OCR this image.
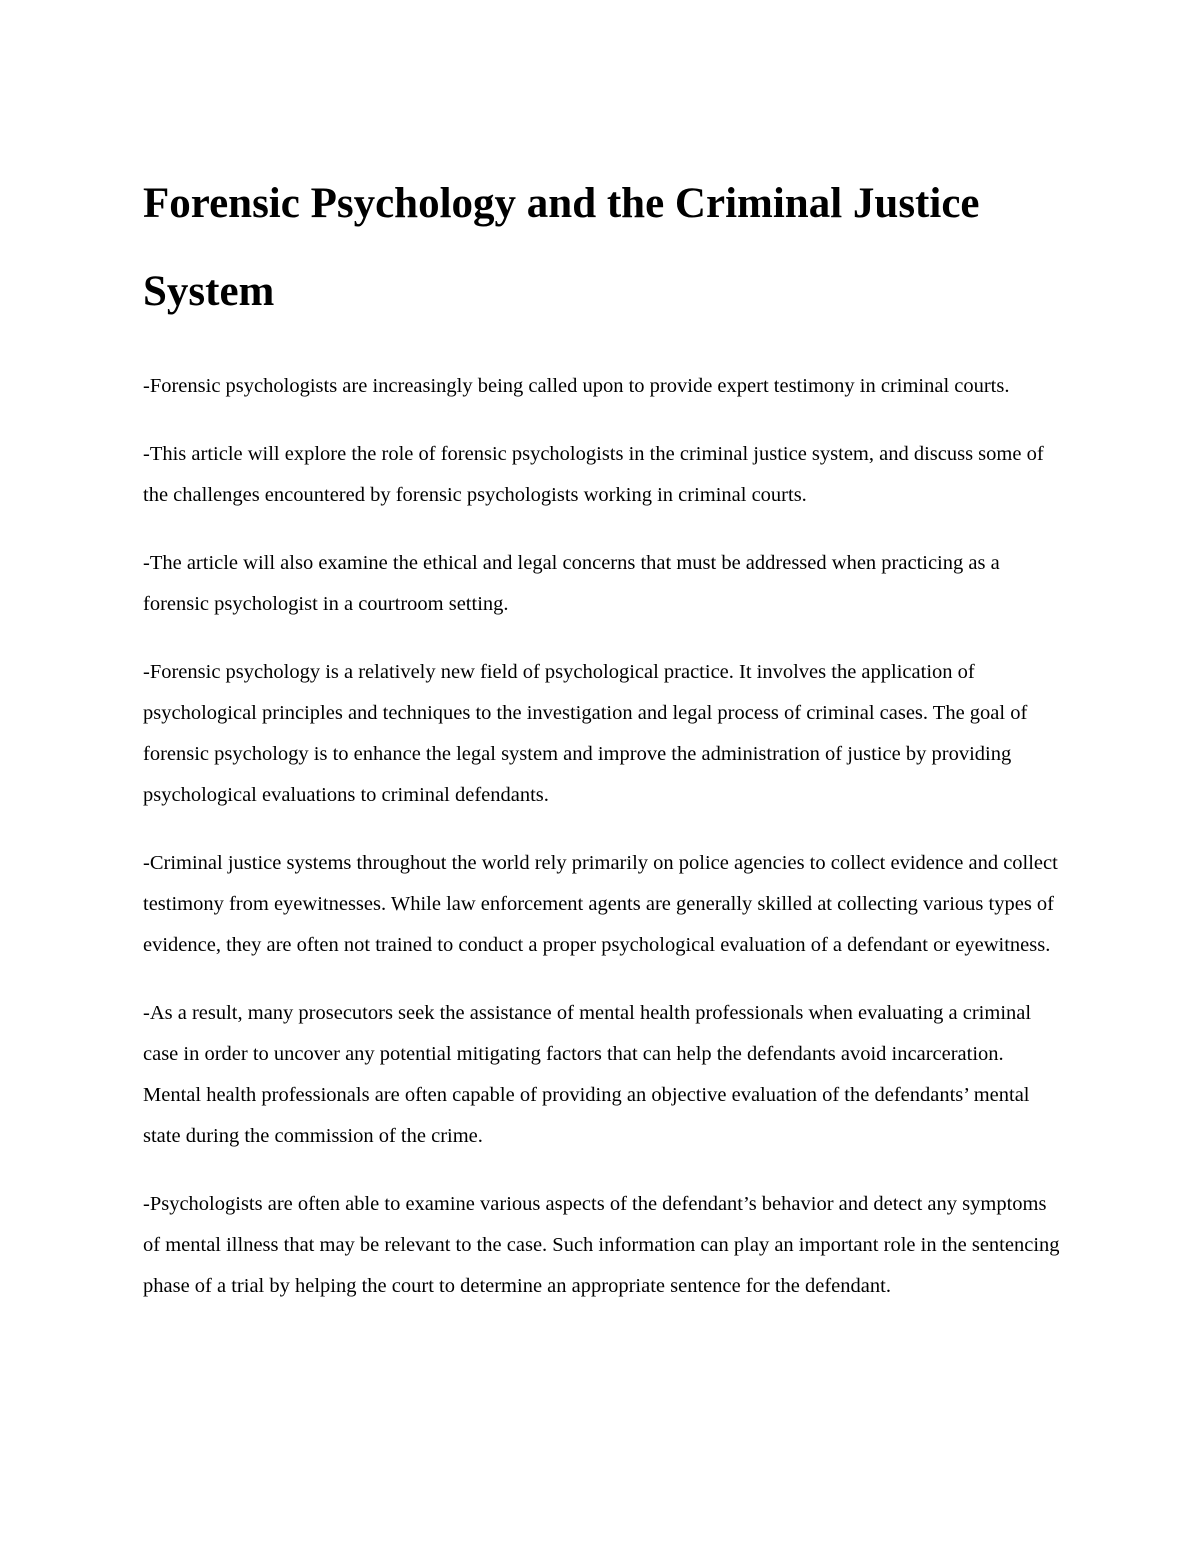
Forensic Psychology and the Criminal Justice System

-Forensic psychologists are increasingly being called upon to provide expert testimony in criminal courts.

-This article will explore the role of forensic psychologists in the criminal justice system, and discuss some of the challenges encountered by forensic psychologists working in criminal courts.

-The article will also examine the ethical and legal concerns that must be addressed when practicing as a forensic psychologist in a courtroom setting.

-Forensic psychology is a relatively new field of psychological practice. It involves the application of psychological principles and techniques to the investigation and legal process of criminal cases. The goal of forensic psychology is to enhance the legal system and improve the administration of justice by providing psychological evaluations to criminal defendants.

-Criminal justice systems throughout the world rely primarily on police agencies to collect evidence and collect testimony from eyewitnesses. While law enforcement agents are generally skilled at collecting various types of evidence, they are often not trained to conduct a proper psychological evaluation of a defendant or eyewitness.

-As a result, many prosecutors seek the assistance of mental health professionals when evaluating a criminal case in order to uncover any potential mitigating factors that can help the defendants avoid incarceration. Mental health professionals are often capable of providing an objective evaluation of the defendants’ mental state during the commission of the crime.

-Psychologists are often able to examine various aspects of the defendant’s behavior and detect any symptoms of mental illness that may be relevant to the case. Such information can play an important role in the sentencing phase of a trial by helping the court to determine an appropriate sentence for the defendant.
